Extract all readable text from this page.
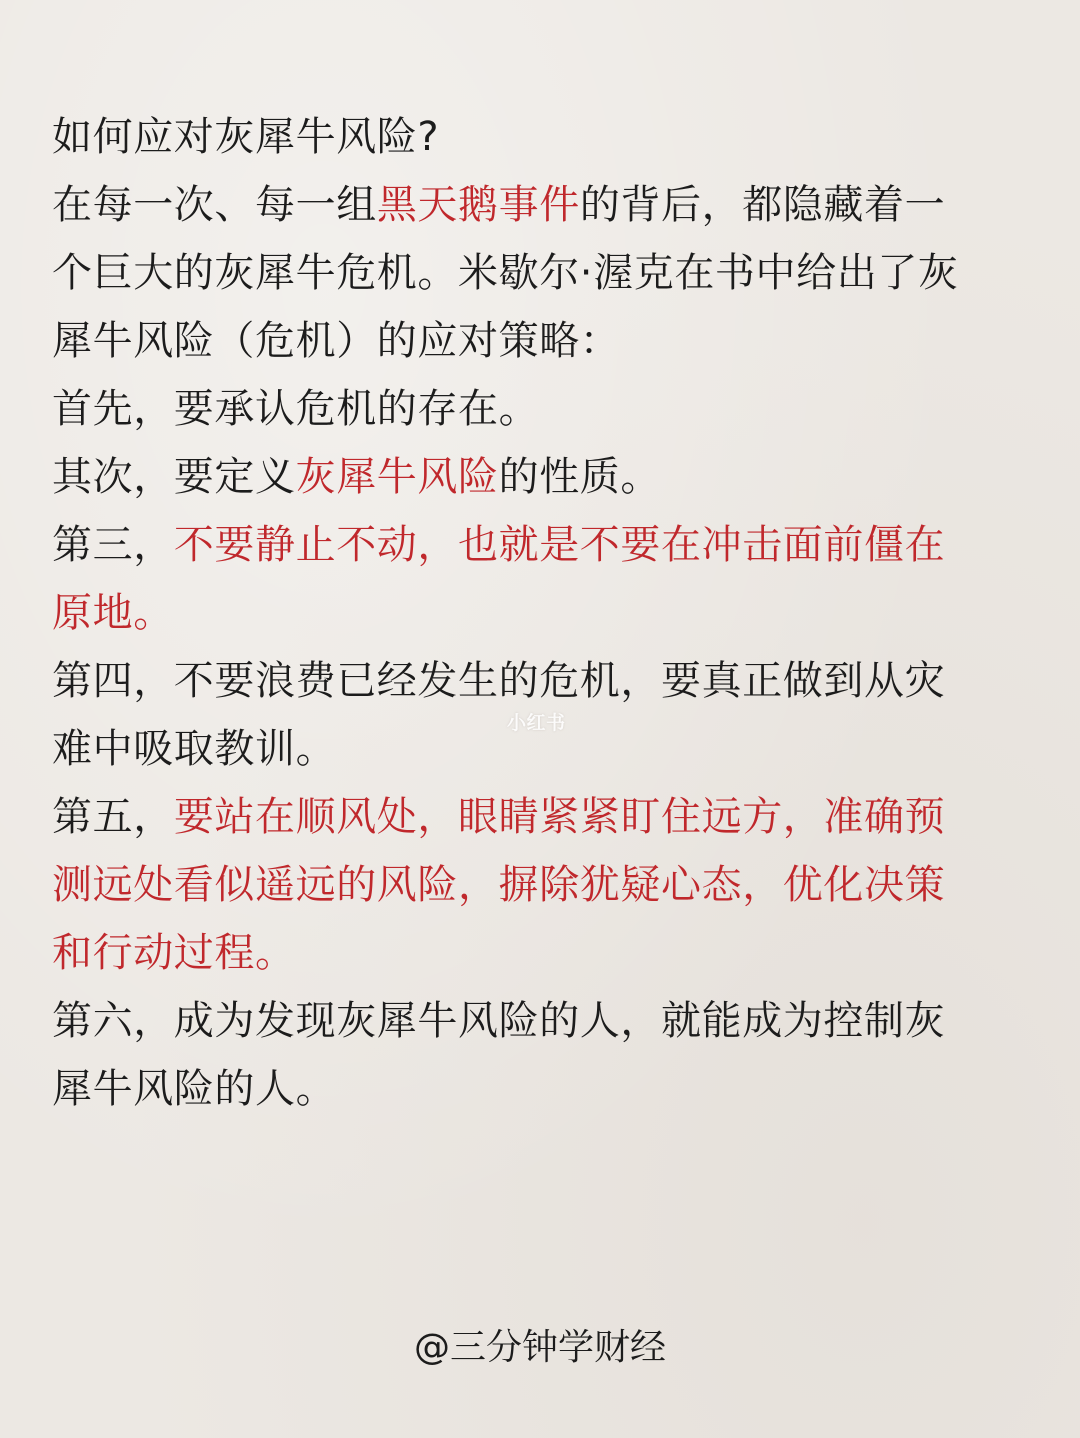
如何应对灰犀牛风险?
在每一次、每一组黑天鹅事件的背后，都隐藏着一
个巨大的灰犀牛危机。米歇尔·渥克在书中给出了灰
犀牛风险（危机）的应对策略：
首先，要承认危机的存在。
其次，要定义灰犀牛风险的性质。
第三，不要静止不动，也就是不要在冲击面前僵在
原地。
第四，不要浪费已经发生的危机，要真正做到从灾
难中吸取教训。
第五，要站在顺风处，眼睛紧紧盯住远方，准确预
测远处看似遥远的风险，摒除犹疑心态，优化决策
和行动过程。
第六，成为发现灰犀牛风险的人，就能成为控制灰
犀牛风险的人。
小红书
@三分钟学财经
